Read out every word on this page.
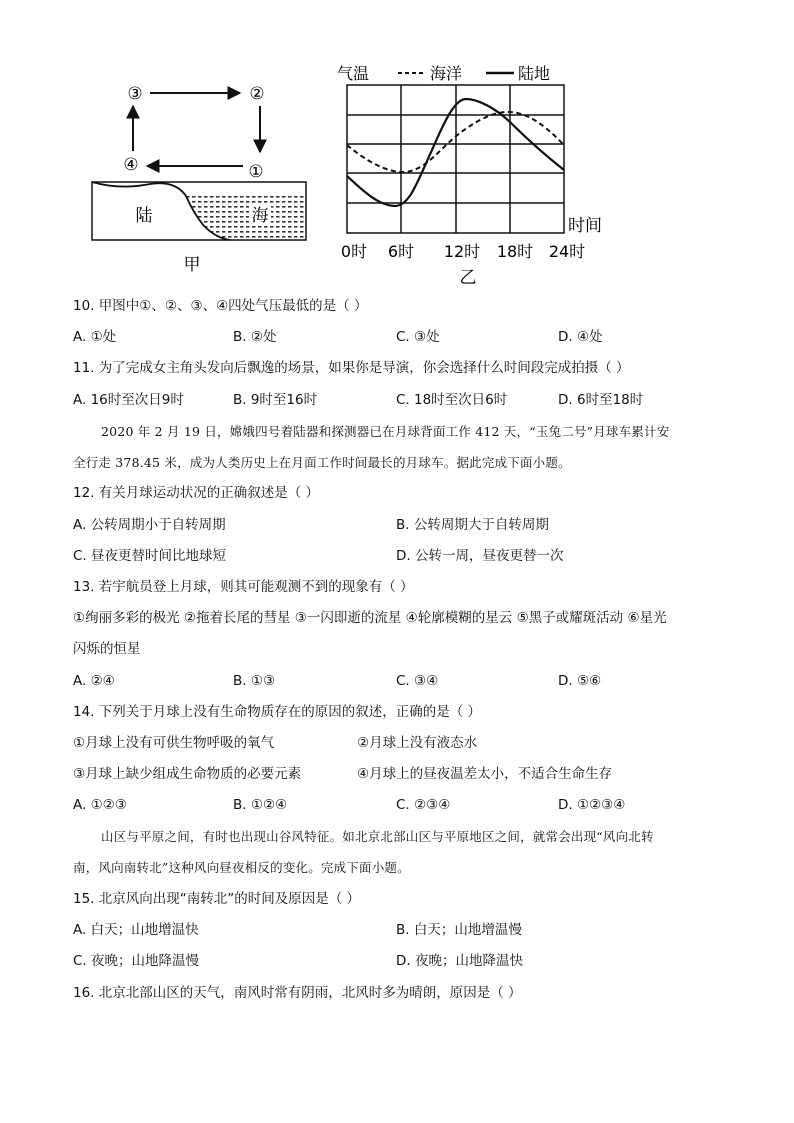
③	②
④	①
陆	海
甲
气温	海洋	陆地
时间
0时 6时 12时 18时 24时
乙
10. 甲图中①、②、③、④四处气压最低的是（ ）
A. ①处	B. ②处	C. ③处	D. ④处
11. 为了完成女主角头发向后飘逸的场景，如果你是导演，你会选择什么时间段完成拍摄（ ）
A. 16时至次日9时	B. 9时至16时	C. 18时至次日6时	D. 6时至18时
2020 年 2 月 19 日，嫦娥四号着陆器和探测器已在月球背面工作 412 天，“玉兔二号”月球车累计安
全行走 378.45 米，成为人类历史上在月面工作时间最长的月球车。据此完成下面小题。
12. 有关月球运动状况的正确叙述是（ ）
A. 公转周期小于自转周期	B. 公转周期大于自转周期
C. 昼夜更替时间比地球短	D. 公转一周，昼夜更替一次
13. 若宇航员登上月球，则其可能观测不到的现象有（ ）
①绚丽多彩的极光 ②拖着长尾的彗星 ③一闪即逝的流星 ④轮廓模糊的星云 ⑤黑子或耀斑活动 ⑥星光
闪烁的恒星
A. ②④	B. ①③	C. ③④	D. ⑤⑥
14. 下列关于月球上没有生命物质存在的原因的叙述，正确的是（ ）
①月球上没有可供生物呼吸的氧气	②月球上没有液态水
③月球上缺少组成生命物质的必要元素	④月球上的昼夜温差太小，不适合生命生存
A. ①②③	B. ①②④	C. ②③④	D. ①②③④
山区与平原之间，有时也出现山谷风特征。如北京北部山区与平原地区之间，就常会出现“风向北转
南，风向南转北”这种风向昼夜相反的变化。完成下面小题。
15. 北京风向出现“南转北”的时间及原因是（ ）
A. 白天；山地增温快	B. 白天；山地增温慢
C. 夜晚；山地降温慢	D. 夜晚；山地降温快
16. 北京北部山区的天气，南风时常有阴雨，北风时多为晴朗，原因是（ ）
